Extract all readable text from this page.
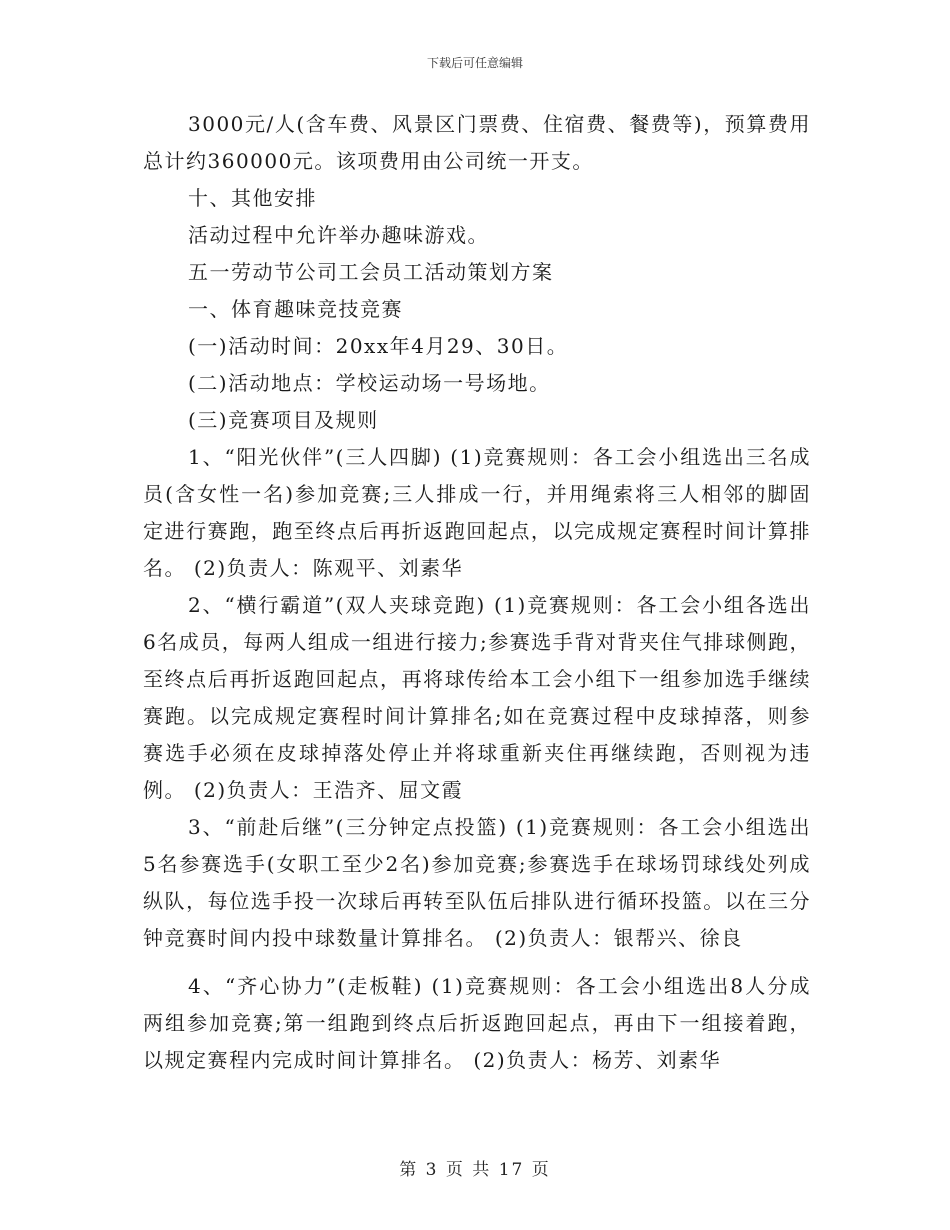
下载后可任意编辑

3000元/人(含车费、风景区门票费、住宿费、餐费等)，预算费用总计约360000元。该项费用由公司统一开支。

十、其他安排

活动过程中允许举办趣味游戏。

五一劳动节公司工会员工活动策划方案

一、体育趣味竞技竞赛

(一)活动时间：20xx年4月29、30日。

(二)活动地点：学校运动场一号场地。

(三)竞赛项目及规则

1、“阳光伙伴”(三人四脚) (1)竞赛规则：各工会小组选出三名成员(含女性一名)参加竞赛;三人排成一行，并用绳索将三人相邻的脚固定进行赛跑，跑至终点后再折返跑回起点，以完成规定赛程时间计算排名。 (2)负责人：陈观平、刘素华

2、“横行霸道”(双人夹球竞跑) (1)竞赛规则：各工会小组各选出6名成员，每两人组成一组进行接力;参赛选手背对背夹住气排球侧跑，至终点后再折返跑回起点，再将球传给本工会小组下一组参加选手继续赛跑。以完成规定赛程时间计算排名;如在竞赛过程中皮球掉落，则参赛选手必须在皮球掉落处停止并将球重新夹住再继续跑，否则视为违例。 (2)负责人：王浩齐、屈文霞

3、“前赴后继”(三分钟定点投篮) (1)竞赛规则：各工会小组选出5名参赛选手(女职工至少2名)参加竞赛;参赛选手在球场罚球线处列成纵队，每位选手投一次球后再转至队伍后排队进行循环投篮。以在三分钟竞赛时间内投中球数量计算排名。 (2)负责人：银帮兴、徐良

4、“齐心协力”(走板鞋) (1)竞赛规则：各工会小组选出8人分成两组参加竞赛;第一组跑到终点后折返跑回起点，再由下一组接着跑，以规定赛程内完成时间计算排名。 (2)负责人：杨芳、刘素华

第 3 页 共 17 页
